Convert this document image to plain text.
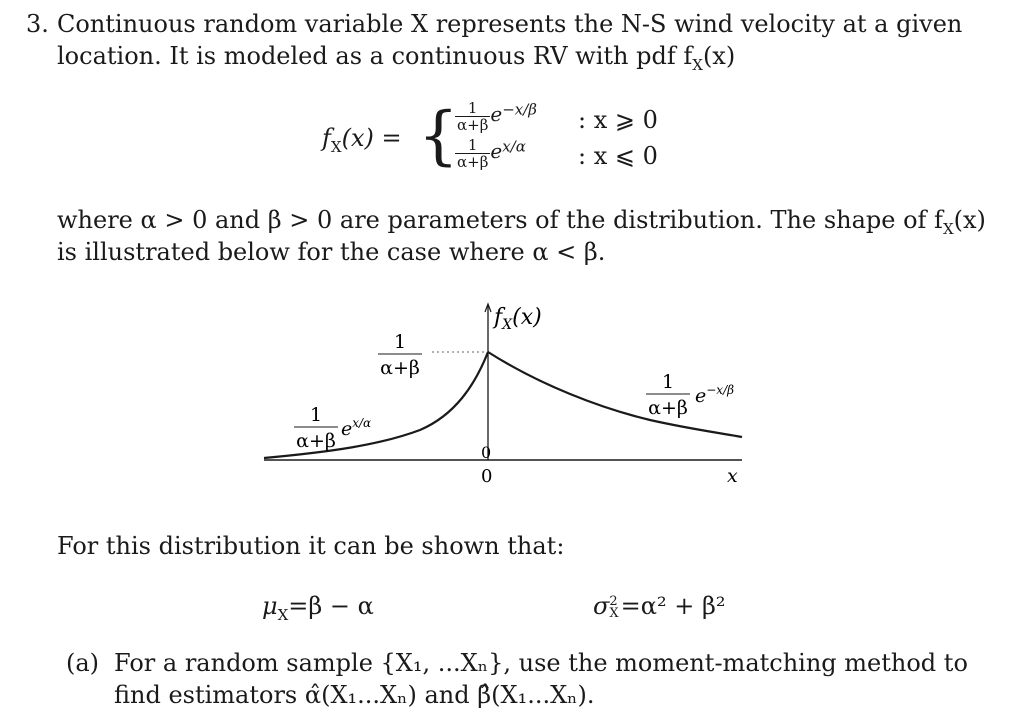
3. Continuous random variable X represents the N-S wind velocity at a given
location. It is modeled as a continuous RV with pdf $f_X(x)$
$f_X(x)$ = {
$\frac{1}{\alpha+\beta} e^{-x/\beta}$ : x ⩾ 0
$\frac{1}{\alpha+\beta} e^{x/\alpha}$ : x ⩽ 0
where α > 0 and β > 0 are parameters of the distribution. The shape of $f_X(x)$
is illustrated below for the case where α < β.
$f_X(x)$
1
α+β
1
α+β
$e^{-x/\beta}$
1
α+β
$e^{x/\alpha}$
0
0	x
For this distribution it can be shown that:
$\mu_X=\beta - \alpha$	σ 2
X =α² + β²
(a) For a random sample {X₁, ...Xₙ}, use the moment-matching method to
find estimators α̂(X₁...Xₙ) and β̂(X₁...Xₙ).
